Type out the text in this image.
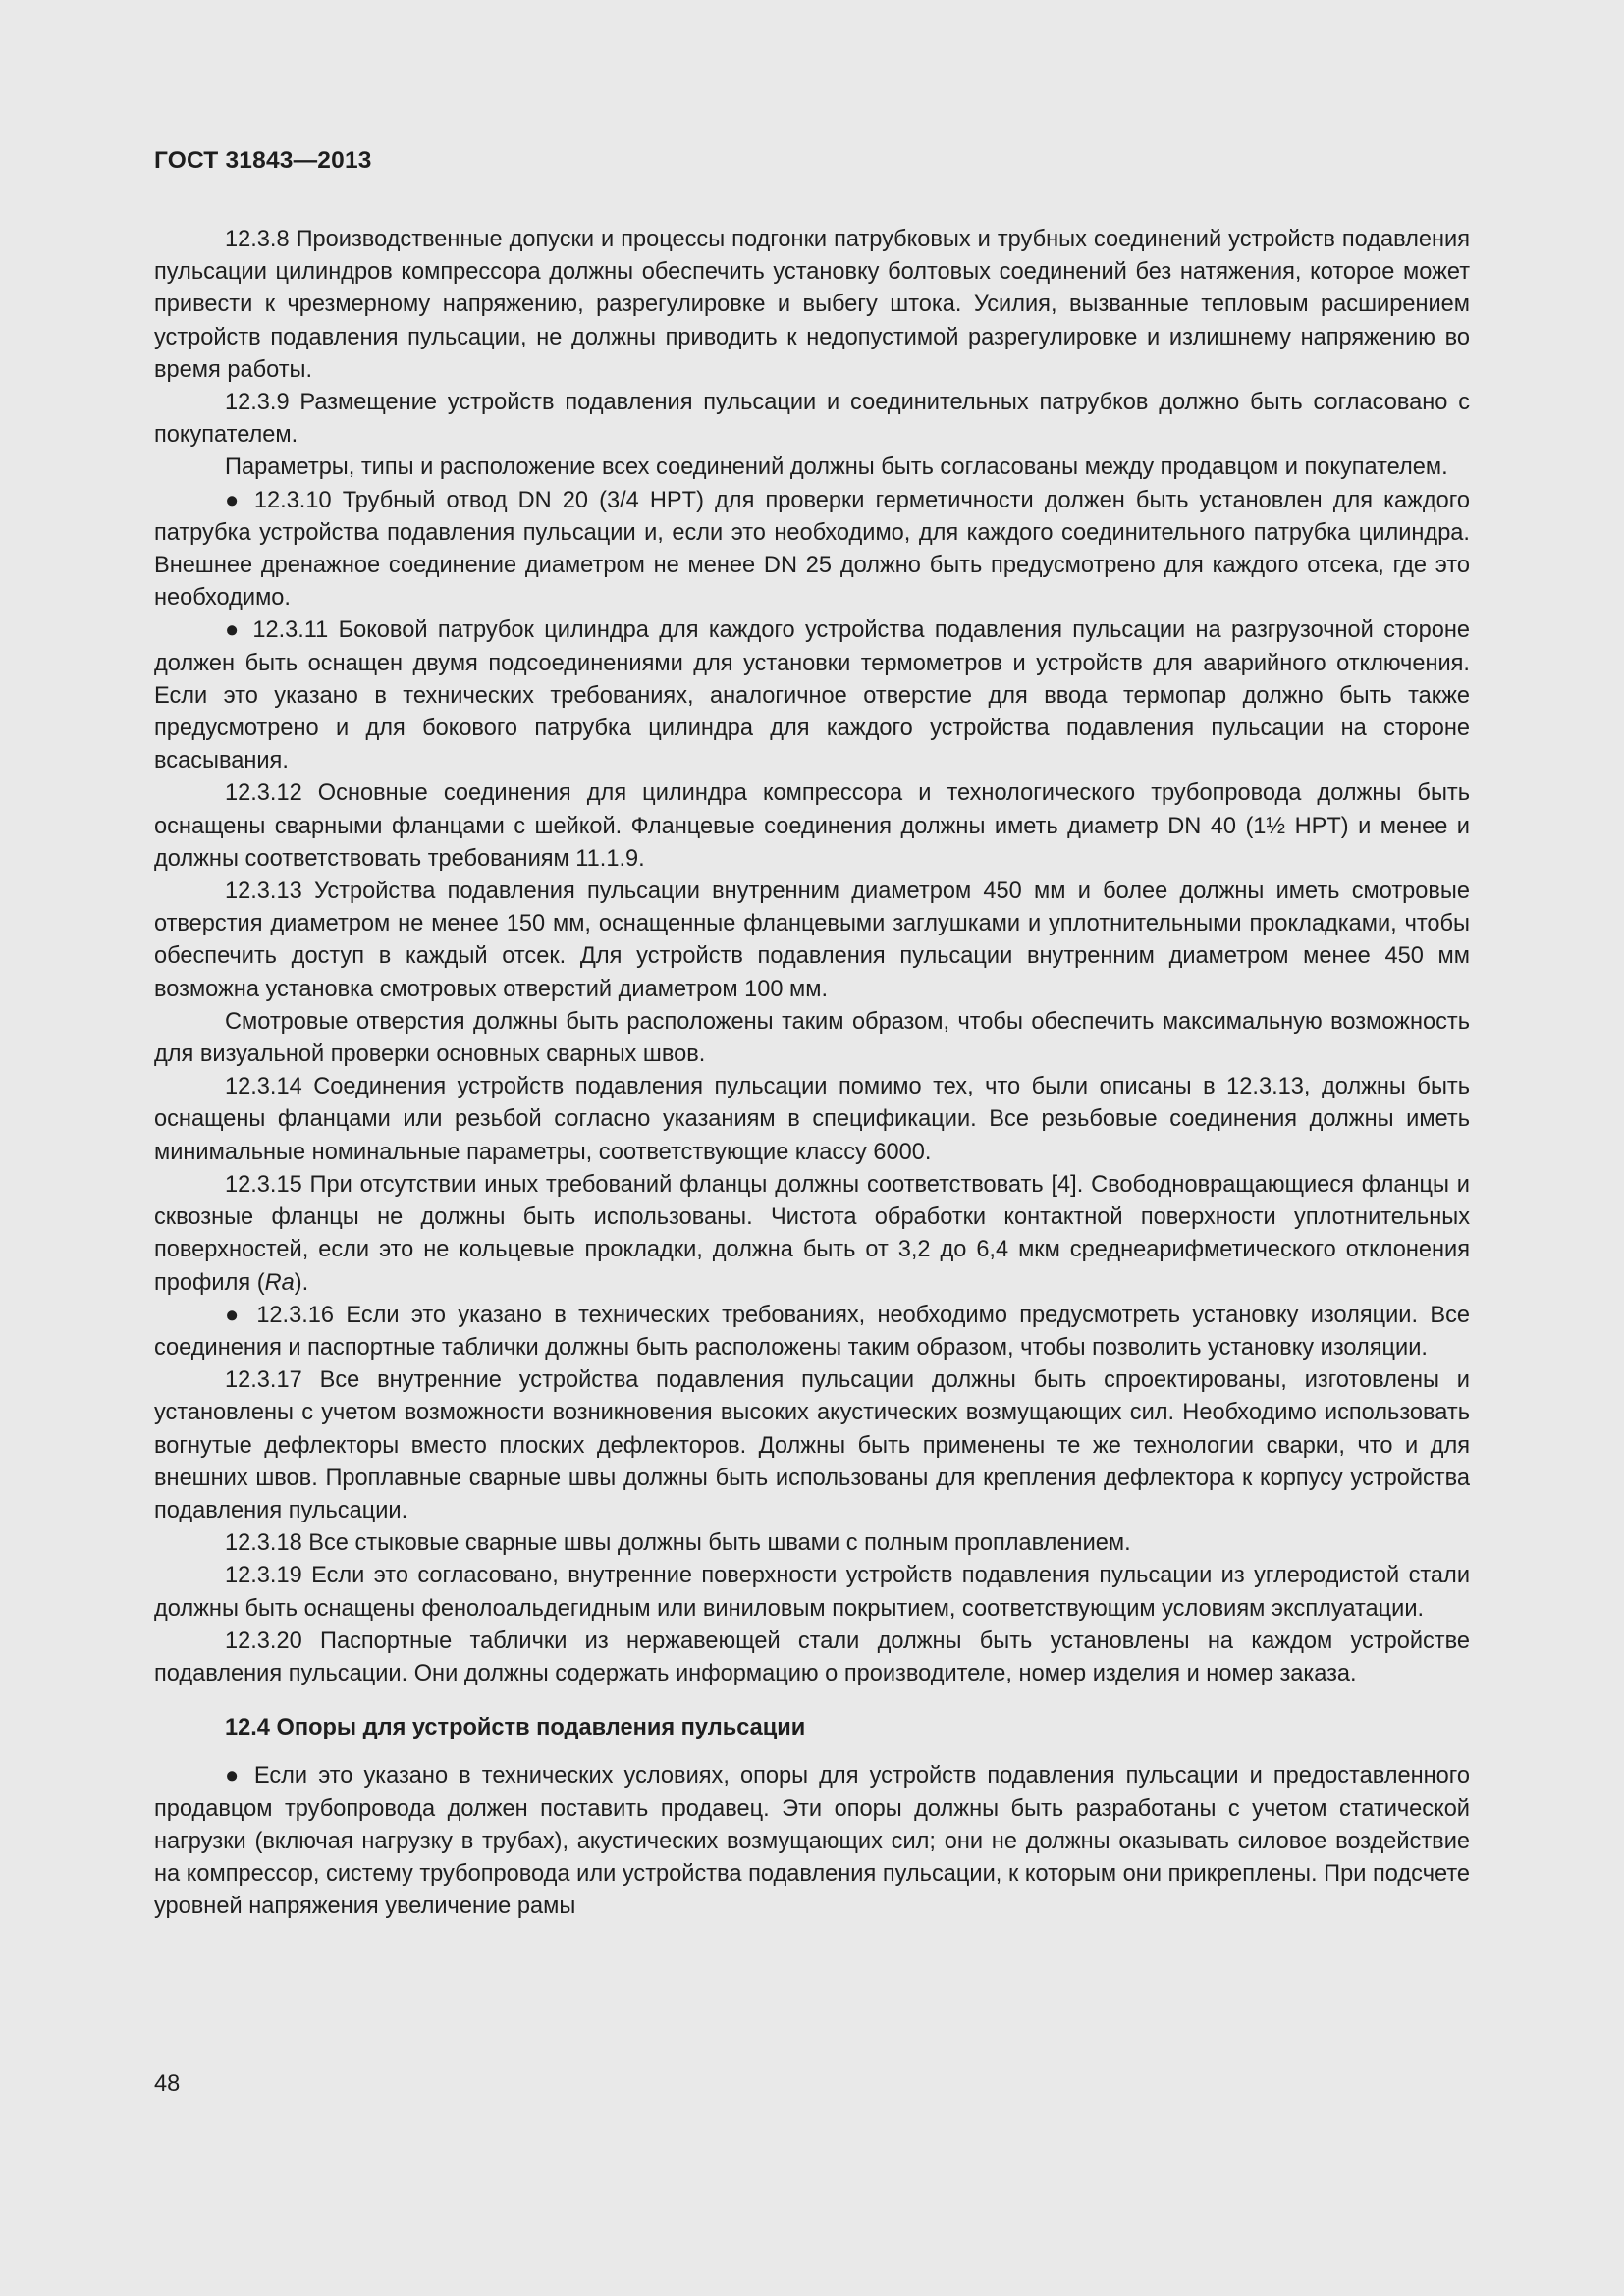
ГОСТ 31843—2013

12.3.8 Производственные допуски и процессы подгонки патрубковых и трубных соединений устройств подавления пульсации цилиндров компрессора должны обеспечить установку болтовых соединений без натяжения, которое может привести к чрезмерному напряжению, разрегулировке и выбегу штока. Усилия, вызванные тепловым расширением устройств подавления пульсации, не должны приводить к недопустимой разрегулировке и излишнему напряжению во время работы.

12.3.9 Размещение устройств подавления пульсации и соединительных патрубков должно быть согласовано с покупателем.

Параметры, типы и расположение всех соединений должны быть согласованы между продавцом и покупателем.

● 12.3.10 Трубный отвод DN 20 (3/4 HPT) для проверки герметичности должен быть установлен для каждого патрубка устройства подавления пульсации и, если это необходимо, для каждого соединительного патрубка цилиндра. Внешнее дренажное соединение диаметром не менее DN 25 должно быть предусмотрено для каждого отсека, где это необходимо.

● 12.3.11 Боковой патрубок цилиндра для каждого устройства подавления пульсации на разгрузочной стороне должен быть оснащен двумя подсоединениями для установки термометров и устройств для аварийного отключения. Если это указано в технических требованиях, аналогичное отверстие для ввода термопар должно быть также предусмотрено и для бокового патрубка цилиндра для каждого устройства подавления пульсации на стороне всасывания.

12.3.12 Основные соединения для цилиндра компрессора и технологического трубопровода должны быть оснащены сварными фланцами с шейкой. Фланцевые соединения должны иметь диаметр DN 40 (1½ HPT) и менее и должны соответствовать требованиям 11.1.9.

12.3.13 Устройства подавления пульсации внутренним диаметром 450 мм и более должны иметь смотровые отверстия диаметром не менее 150 мм, оснащенные фланцевыми заглушками и уплотнительными прокладками, чтобы обеспечить доступ в каждый отсек. Для устройств подавления пульсации внутренним диаметром менее 450 мм возможна установка смотровых отверстий диаметром 100 мм.

Смотровые отверстия должны быть расположены таким образом, чтобы обеспечить максимальную возможность для визуальной проверки основных сварных швов.

12.3.14 Соединения устройств подавления пульсации помимо тех, что были описаны в 12.3.13, должны быть оснащены фланцами или резьбой согласно указаниям в спецификации. Все резьбовые соединения должны иметь минимальные номинальные параметры, соответствующие классу 6000.

12.3.15 При отсутствии иных требований фланцы должны соответствовать [4]. Свободновращающиеся фланцы и сквозные фланцы не должны быть использованы. Чистота обработки контактной поверхности уплотнительных поверхностей, если это не кольцевые прокладки, должна быть от 3,2 до 6,4 мкм среднеарифметического отклонения профиля (Ra).

● 12.3.16 Если это указано в технических требованиях, необходимо предусмотреть установку изоляции. Все соединения и паспортные таблички должны быть расположены таким образом, чтобы позволить установку изоляции.

12.3.17 Все внутренние устройства подавления пульсации должны быть спроектированы, изготовлены и установлены с учетом возможности возникновения высоких акустических возмущающих сил. Необходимо использовать вогнутые дефлекторы вместо плоских дефлекторов. Должны быть применены те же технологии сварки, что и для внешних швов. Проплавные сварные швы должны быть использованы для крепления дефлектора к корпусу устройства подавления пульсации.

12.3.18 Все стыковые сварные швы должны быть швами с полным проплавлением.

12.3.19 Если это согласовано, внутренние поверхности устройств подавления пульсации из углеродистой стали должны быть оснащены фенолоальдегидным или виниловым покрытием, соответствующим условиям эксплуатации.

12.3.20 Паспортные таблички из нержавеющей стали должны быть установлены на каждом устройстве подавления пульсации. Они должны содержать информацию о производителе, номер изделия и номер заказа.

12.4 Опоры для устройств подавления пульсации

● Если это указано в технических условиях, опоры для устройств подавления пульсации и предоставленного продавцом трубопровода должен поставить продавец. Эти опоры должны быть разработаны с учетом статической нагрузки (включая нагрузку в трубах), акустических возмущающих сил; они не должны оказывать силовое воздействие на компрессор, систему трубопровода или устройства подавления пульсации, к которым они прикреплены. При подсчете уровней напряжения увеличение рамы

48
